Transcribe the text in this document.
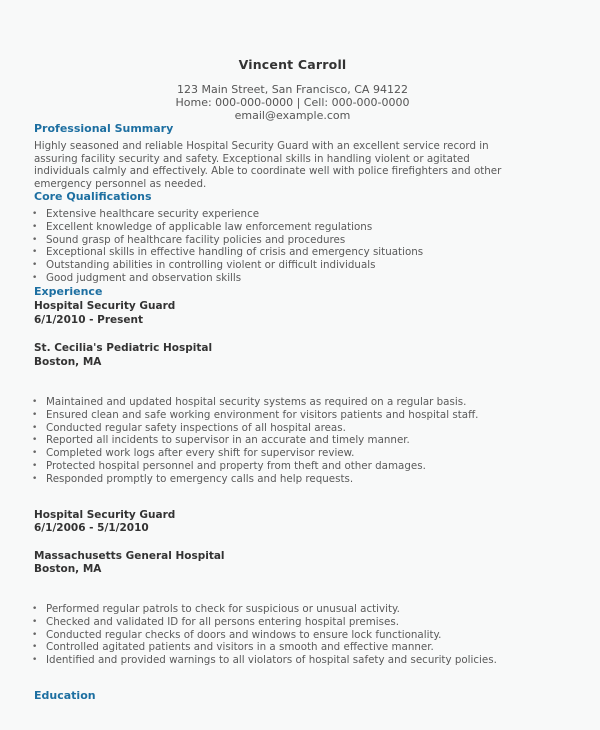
Vincent Carroll
123 Main Street, San Francisco, CA 94122
Home: 000-000-0000 | Cell: 000-000-0000
email@example.com
Professional Summary
Highly seasoned and reliable Hospital Security Guard with an excellent service record in
assuring facility security and safety. Exceptional skills in handling violent or agitated
individuals calmly and effectively. Able to coordinate well with police firefighters and other
emergency personnel as needed.
Core Qualifications
• Extensive healthcare security experience
• Excellent knowledge of applicable law enforcement regulations
• Sound grasp of healthcare facility policies and procedures
• Exceptional skills in effective handling of crisis and emergency situations
• Outstanding abilities in controlling violent or difficult individuals
• Good judgment and observation skills
Experience
Hospital Security Guard
6/1/2010 - Present
St. Cecilia's Pediatric Hospital
Boston, MA
• Maintained and updated hospital security systems as required on a regular basis.
• Ensured clean and safe working environment for visitors patients and hospital staff.
• Conducted regular safety inspections of all hospital areas.
• Reported all incidents to supervisor in an accurate and timely manner.
• Completed work logs after every shift for supervisor review.
• Protected hospital personnel and property from theft and other damages.
• Responded promptly to emergency calls and help requests.
Hospital Security Guard
6/1/2006 - 5/1/2010
Massachusetts General Hospital
Boston, MA
• Performed regular patrols to check for suspicious or unusual activity.
• Checked and validated ID for all persons entering hospital premises.
• Conducted regular checks of doors and windows to ensure lock functionality.
• Controlled agitated patients and visitors in a smooth and effective manner.
• Identified and provided warnings to all violators of hospital safety and security policies.
Education
